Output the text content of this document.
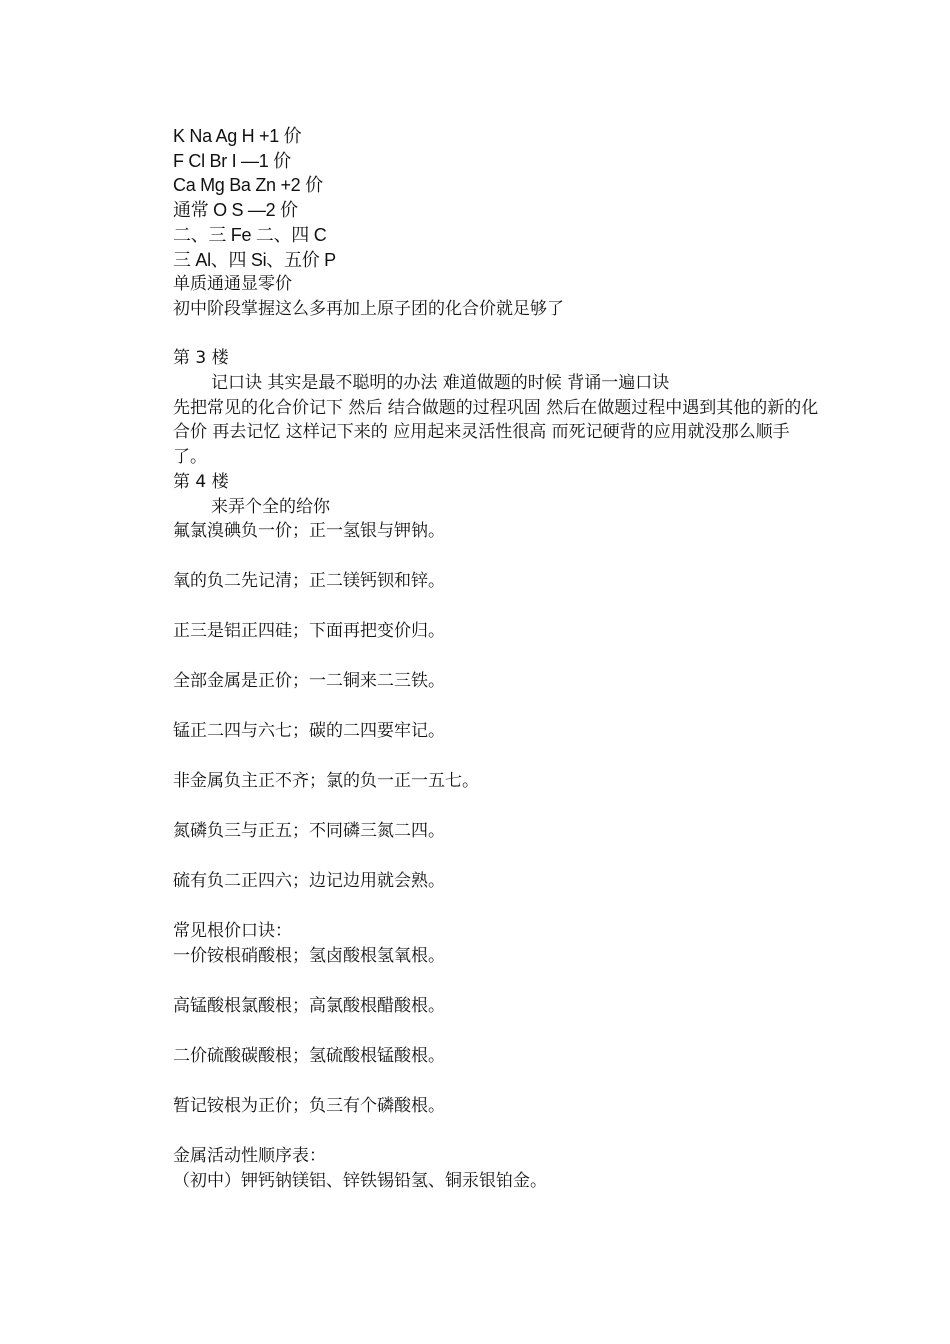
K Na Ag H +1 价

F Cl Br I —1 价

Ca Mg Ba Zn +2 价

通常 O S —2 价

二、三 Fe 二、四 C

三 Al、四 Si、五价 P

单质通通显零价

初中阶段掌握这么多再加上原子团的化合价就足够了

第 3 楼

记口诀 其实是最不聪明的办法 难道做题的时候 背诵一遍口诀

先把常见的化合价记下 然后 结合做题的过程巩固 然后在做题过程中遇到其他的新的化合价 再去记忆 这样记下来的 应用起来灵活性很高 而死记硬背的应用就没那么顺手了。

第 4 楼

来弄个全的给你

氟氯溴碘负一价；正一氢银与钾钠。

氧的负二先记清；正二镁钙钡和锌。

正三是铝正四硅；下面再把变价归。

全部金属是正价；一二铜来二三铁。

锰正二四与六七；碳的二四要牢记。

非金属负主正不齐；氯的负一正一五七。

氮磷负三与正五；不同磷三氮二四。

硫有负二正四六；边记边用就会熟。

常见根价口诀：

一价铵根硝酸根；氢卤酸根氢氧根。

高锰酸根氯酸根；高氯酸根醋酸根。

二价硫酸碳酸根；氢硫酸根锰酸根。

暂记铵根为正价；负三有个磷酸根。

金属活动性顺序表：

（初中）钾钙钠镁铝、锌铁锡铅氢、铜汞银铂金。
